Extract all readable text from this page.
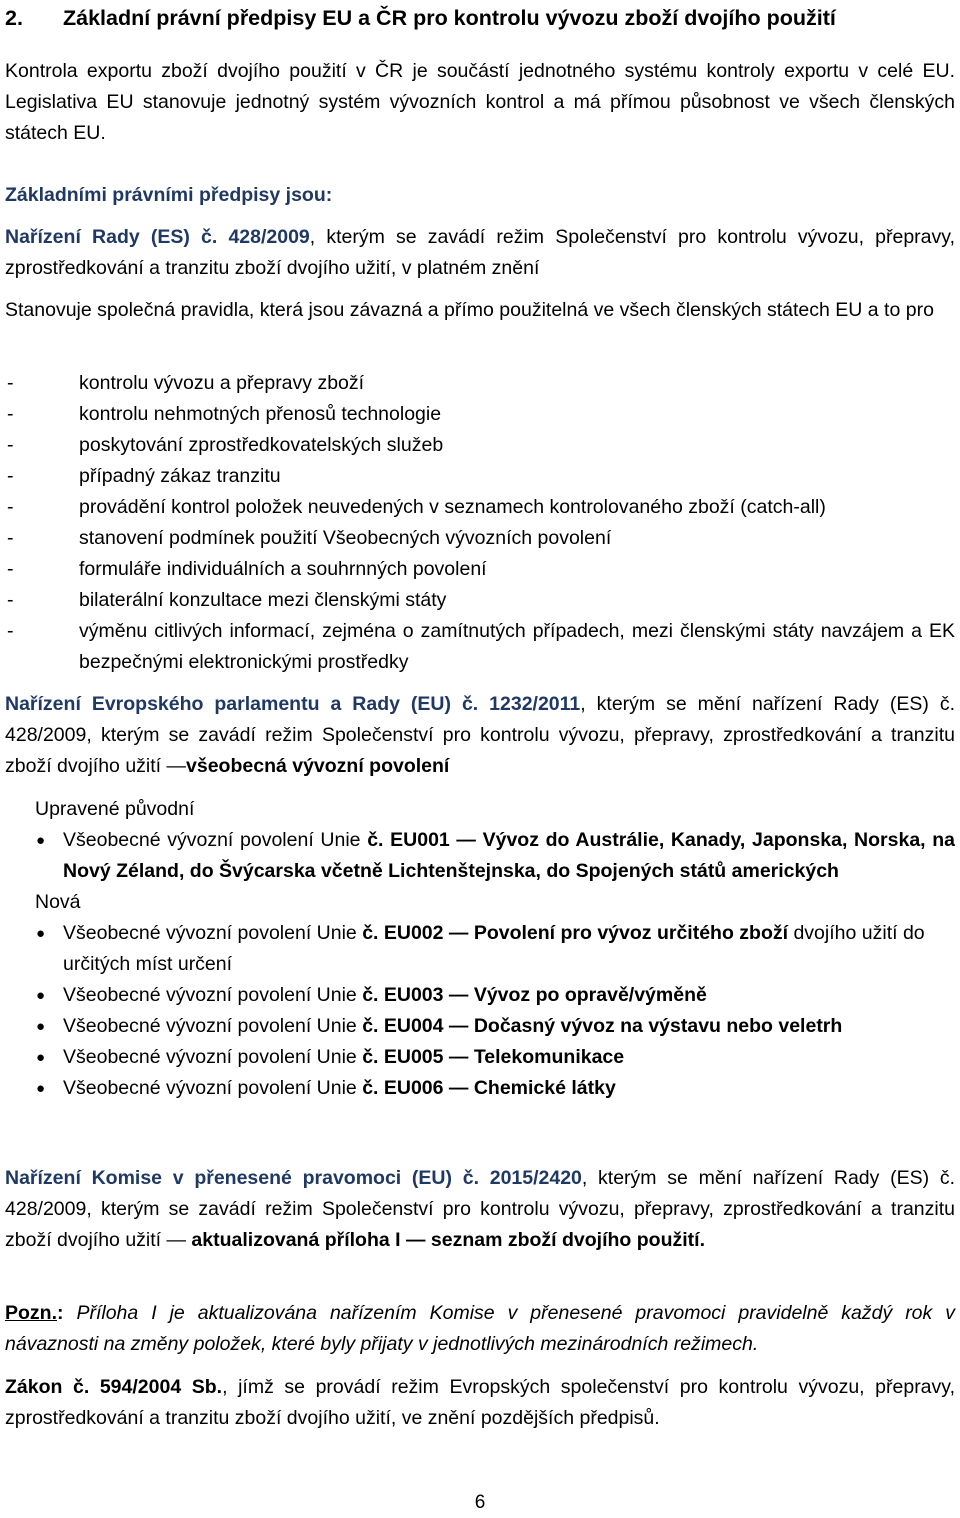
2. Základní právní předpisy EU a ČR pro kontrolu vývozu zboží dvojího použití

Kontrola exportu zboží dvojího použití v ČR je součástí jednotného systému kontroly exportu v celé EU. Legislativa EU stanovuje jednotný systém vývozních kontrol a má přímou působnost ve všech členských státech EU.

Základními právními předpisy jsou:

Nařízení Rady (ES) č. 428/2009, kterým se zavádí režim Společenství pro kontrolu vývozu, přepravy, zprostředkování a tranzitu zboží dvojího užití, v platném znění

Stanovuje společná pravidla, která jsou závazná a přímo použitelná ve všech členských státech EU a to pro

-	kontrolu vývozu a přepravy zboží
-	kontrolu nehmotných přenosů technologie
-	poskytování zprostředkovatelských služeb
-	případný zákaz tranzitu
-	provádění kontrol položek neuvedených v seznamech kontrolovaného zboží (catch-all)
-	stanovení podmínek použití Všeobecných vývozních povolení
-	formuláře individuálních a souhrnných povolení
-	bilaterální konzultace mezi členskými státy
-	výměnu citlivých informací, zejména o zamítnutých případech, mezi členskými státy navzájem a EK bezpečnými elektronickými prostředky

Nařízení Evropského parlamentu a Rady (EU) č. 1232/2011, kterým se mění nařízení Rady (ES) č. 428/2009, kterým se zavádí režim Společenství pro kontrolu vývozu, přepravy, zprostředkování a tranzitu zboží dvojího užití —všeobecná vývozní povolení

Upravené původní

● Všeobecné vývozní povolení Unie č. EU001 — Vývoz do Austrálie, Kanady, Japonska, Norska, na Nový Zéland, do Švýcarska včetně Lichtenštejnska, do Spojených států amerických

Nová

● Všeobecné vývozní povolení Unie č. EU002 — Povolení pro vývoz určitého zboží dvojího užití do určitých míst určení
● Všeobecné vývozní povolení Unie č. EU003 — Vývoz po opravě/výměně
● Všeobecné vývozní povolení Unie č. EU004 — Dočasný vývoz na výstavu nebo veletrh
● Všeobecné vývozní povolení Unie č. EU005 — Telekomunikace
● Všeobecné vývozní povolení Unie č. EU006 — Chemické látky

Nařízení Komise v přenesené pravomoci (EU) č. 2015/2420, kterým se mění nařízení Rady (ES) č. 428/2009, kterým se zavádí režim Společenství pro kontrolu vývozu, přepravy, zprostředkování a tranzitu zboží dvojího užití — aktualizovaná příloha I — seznam zboží dvojího použití.

Pozn.: Příloha I je aktualizována nařízením Komise v přenesené pravomoci pravidelně každý rok v návaznosti na změny položek, které byly přijaty v jednotlivých mezinárodních režimech.

Zákon č. 594/2004 Sb., jímž se provádí režim Evropských společenství pro kontrolu vývozu, přepravy, zprostředkování a tranzitu zboží dvojího užití, ve znění pozdějších předpisů.

6
